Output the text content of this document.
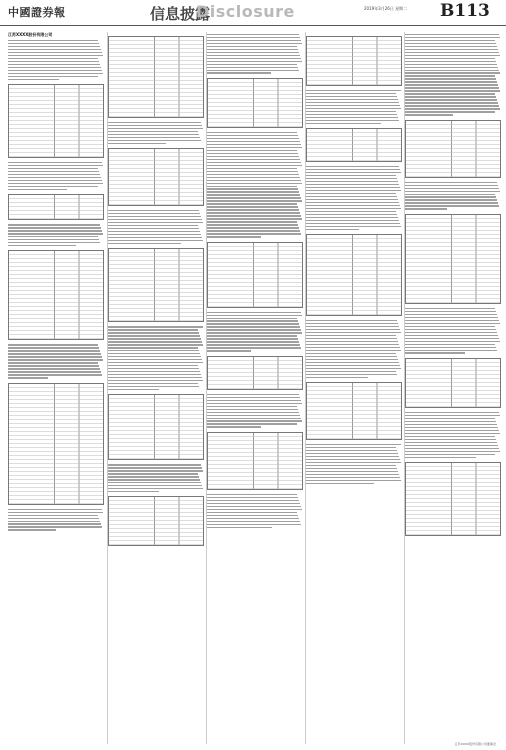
中國證券報	信息披露
Disclosure	2019年3月26日 星期二 B113
江苏XXXX股份有限公司
江苏XXXX股份有限公司董事会
